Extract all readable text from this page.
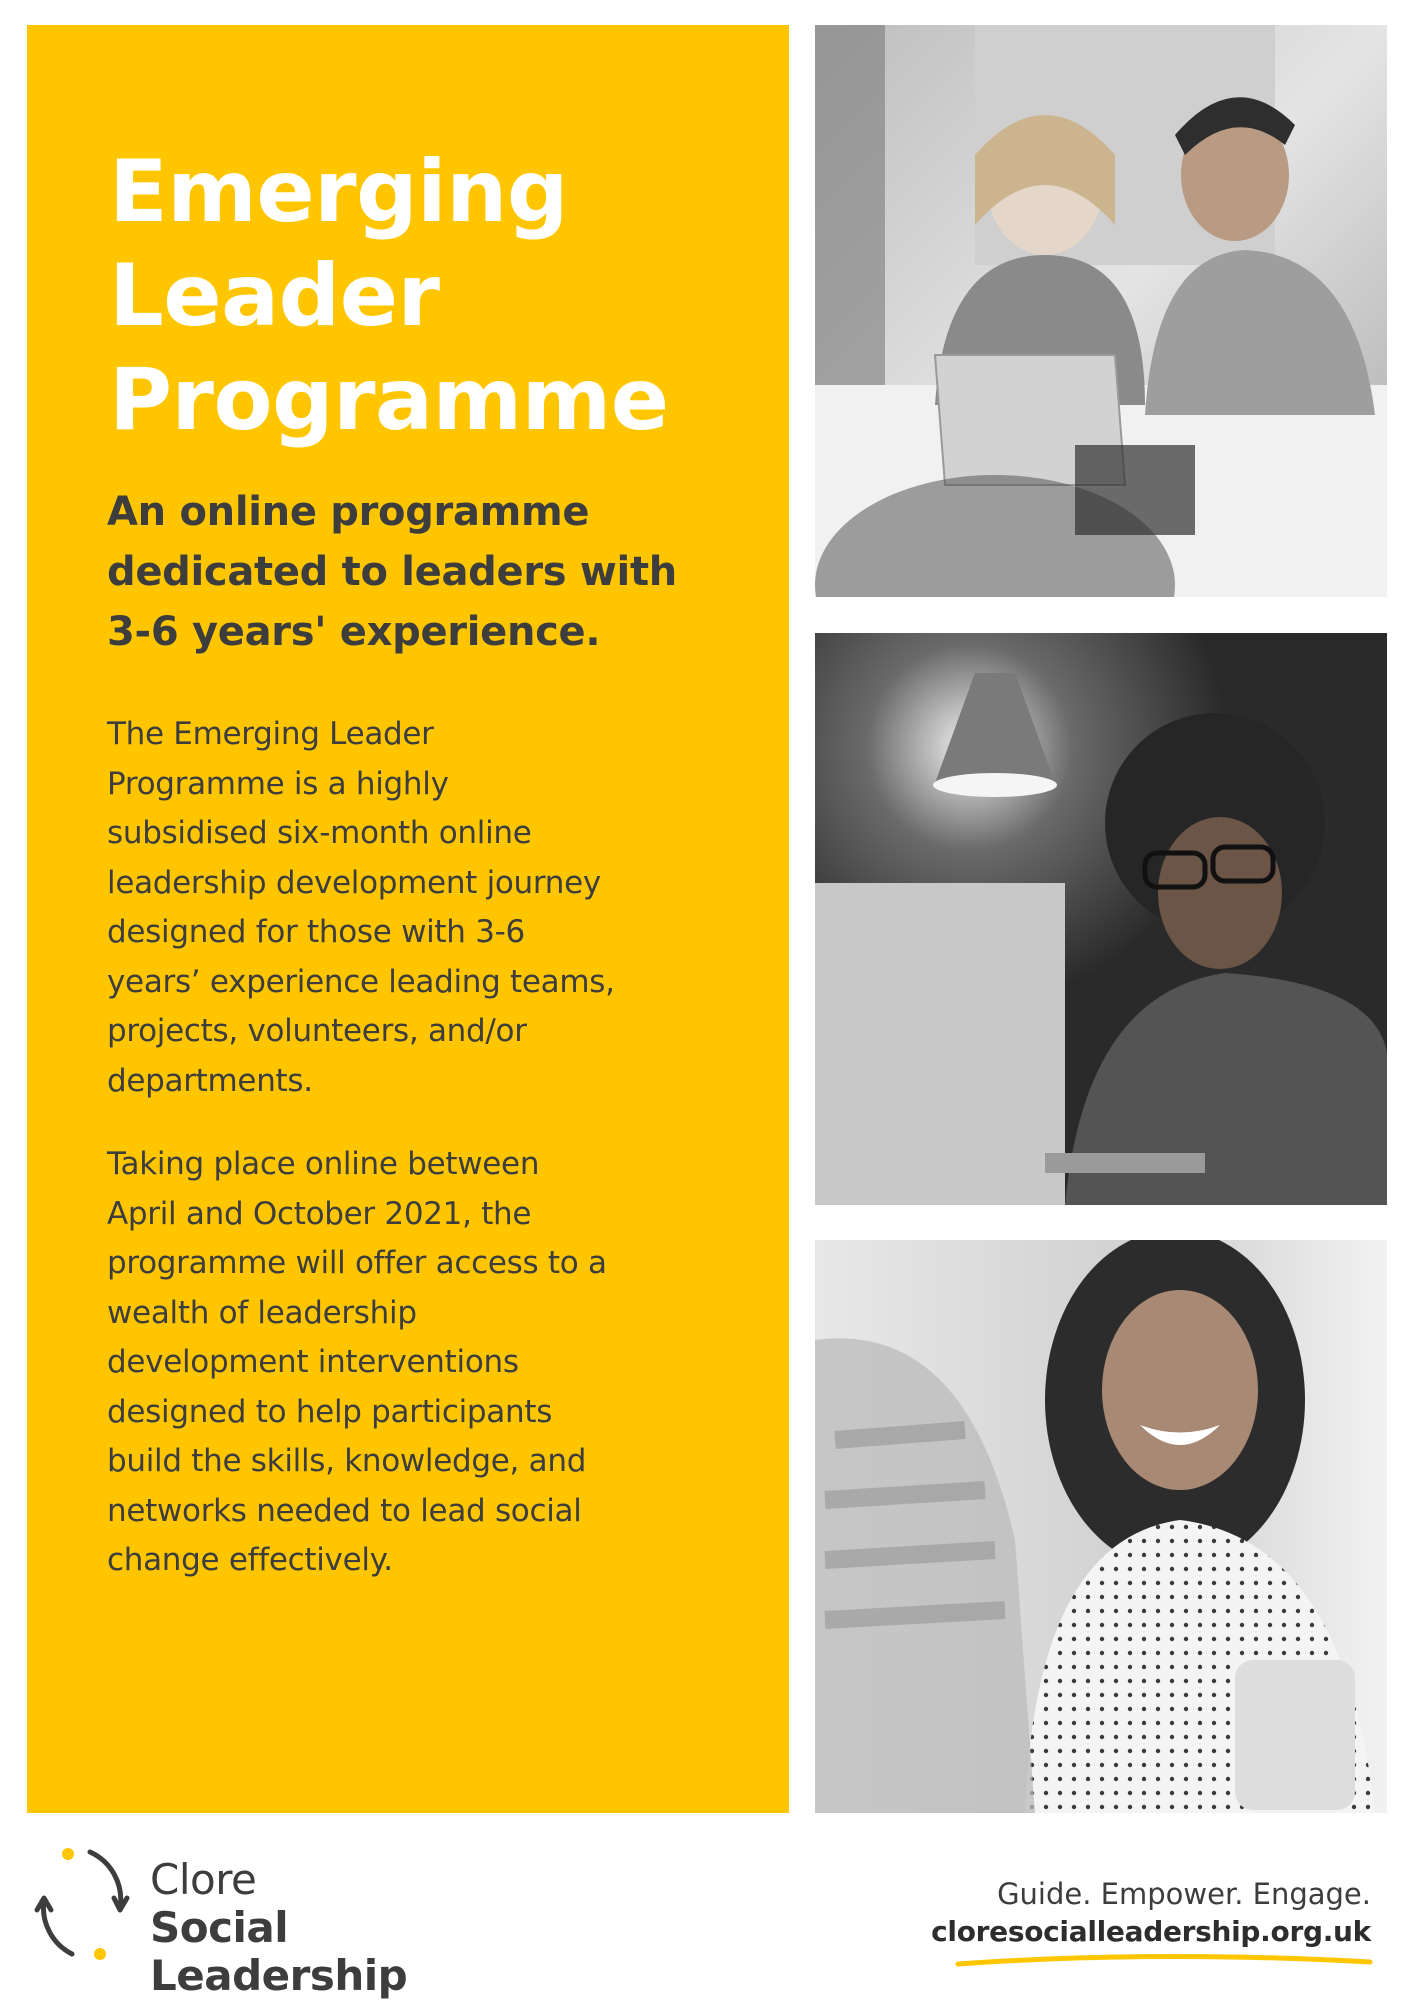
Emerging
Leader
Programme
An online programme
dedicated to leaders with
3-6 years' experience.

The Emerging Leader
Programme is a highly
subsidised six-month online
leadership development journey
designed for those with 3-6
years’ experience leading teams,
projects, volunteers, and/or
departments.

Taking place online between
April and October 2021, the
programme will offer access to a
wealth of leadership
development interventions
designed to help participants
build the skills, knowledge, and
networks needed to lead social
change effectively.

Clore
Social
Leadership
Guide. Empower. Engage.
cloresocialleadership.org.uk
